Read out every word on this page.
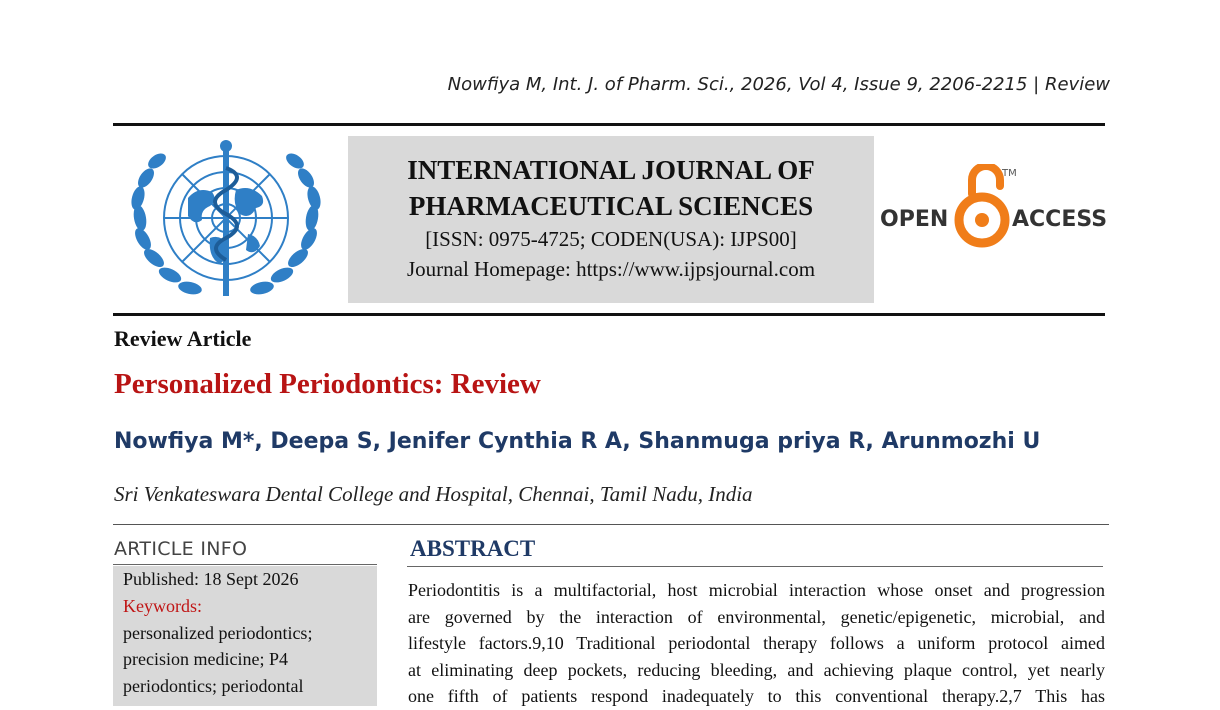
Nowfiya M, Int. J. of Pharm. Sci., 2026, Vol 4, Issue 9, 2206-2215 | Review
INTERNATIONAL JOURNAL OF
PHARMACEUTICAL SCIENCES
[ISSN: 0975-4725; CODEN(USA): IJPS00]
Journal Homepage: https://www.ijpsjournal.com
OPEN
TM
ACCESS
Review Article
Personalized Periodontics: Review
Nowfiya M*, Deepa S, Jenifer Cynthia R A, Shanmuga priya R, Arunmozhi U
Sri Venkateswara Dental College and Hospital, Chennai, Tamil Nadu, India
ARTICLE INFO
Published: 18 Sept 2026
Keywords:
personalized periodontics;
precision medicine; P4
periodontics; periodontal
ABSTRACT
Periodontitis is a multifactorial, host microbial interaction whose onset and progression
are governed by the interaction of environmental, genetic/epigenetic, microbial, and
lifestyle factors.9,10 Traditional periodontal therapy follows a uniform protocol aimed
at eliminating deep pockets, reducing bleeding, and achieving plaque control, yet nearly
one fifth of patients respond inadequately to this conventional therapy.2,7 This has
